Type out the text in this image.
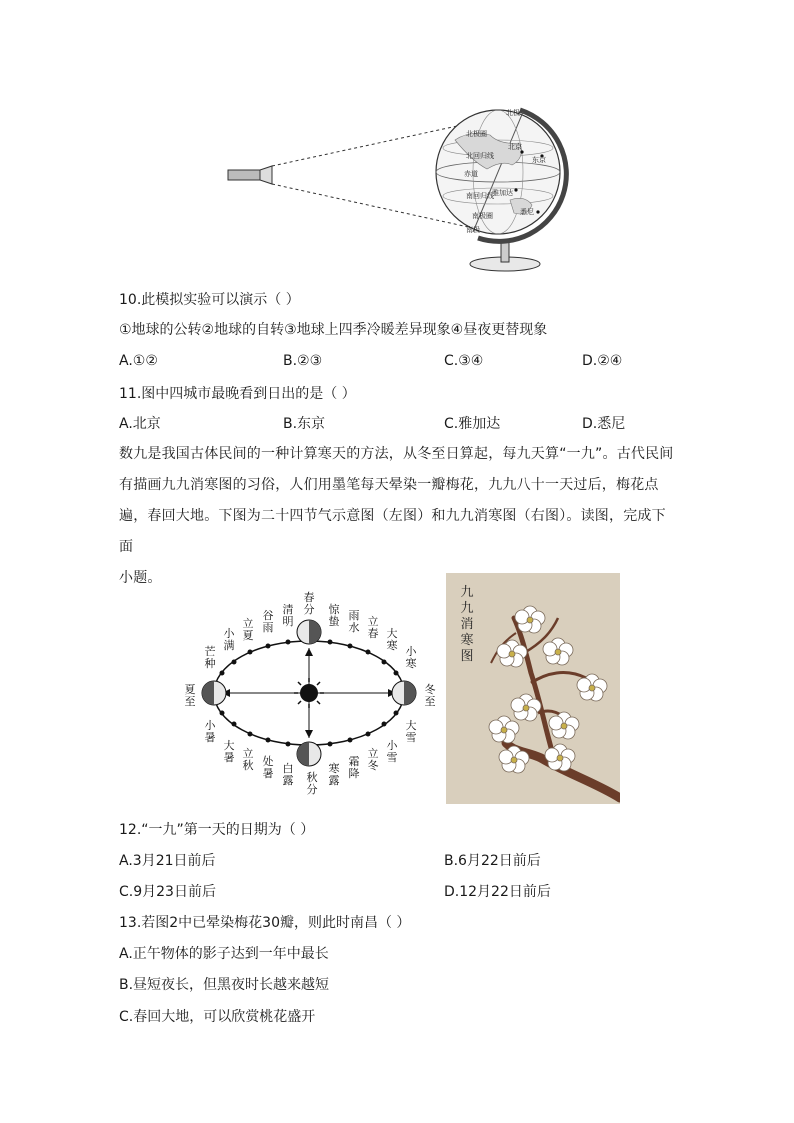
北极
北京
东京
北极圈
北回归线
赤道
雅加达
南回归线
悉尼
南极圈
南极
10.此模拟实验可以演示（ ）
①地球的公转②地球的自转③地球上四季冷暖差异现象④昼夜更替现象
A.①②	B.②③	C.③④	D.②④
11.图中四城市最晚看到日出的是（ ）
A.北京	B.东京	C.雅加达	D.悉尼
数九是我国古体民间的一种计算寒天的方法，从冬至日算起，每九天算“一九”。古代民间
有描画九九消寒图的习俗，人们用墨笔每天晕染一瓣梅花，九九八十一天过后，梅花点
遍，春回大地。下图为二十四节气示意图（左图）和九九消寒图（右图）。读图，完成下面
小题。
春分
清明
谷雨
立夏
小满
芒种
夏至
小暑
大暑 立秋 处暑 白露 秋分
寒露
霜降
立冬
小雪
大雪
冬至
小寒
大寒
立春
雨水
惊蛰
九九消寒图
12.“一九”第一天的日期为（ ）
A.3月21日前后	B.6月22日前后
C.9月23日前后	D.12月22日前后
13.若图2中已晕染梅花30瓣，则此时南昌（ ）
A.正午物体的影子达到一年中最长
B.昼短夜长，但黑夜时长越来越短
C.春回大地，可以欣赏桃花盛开
